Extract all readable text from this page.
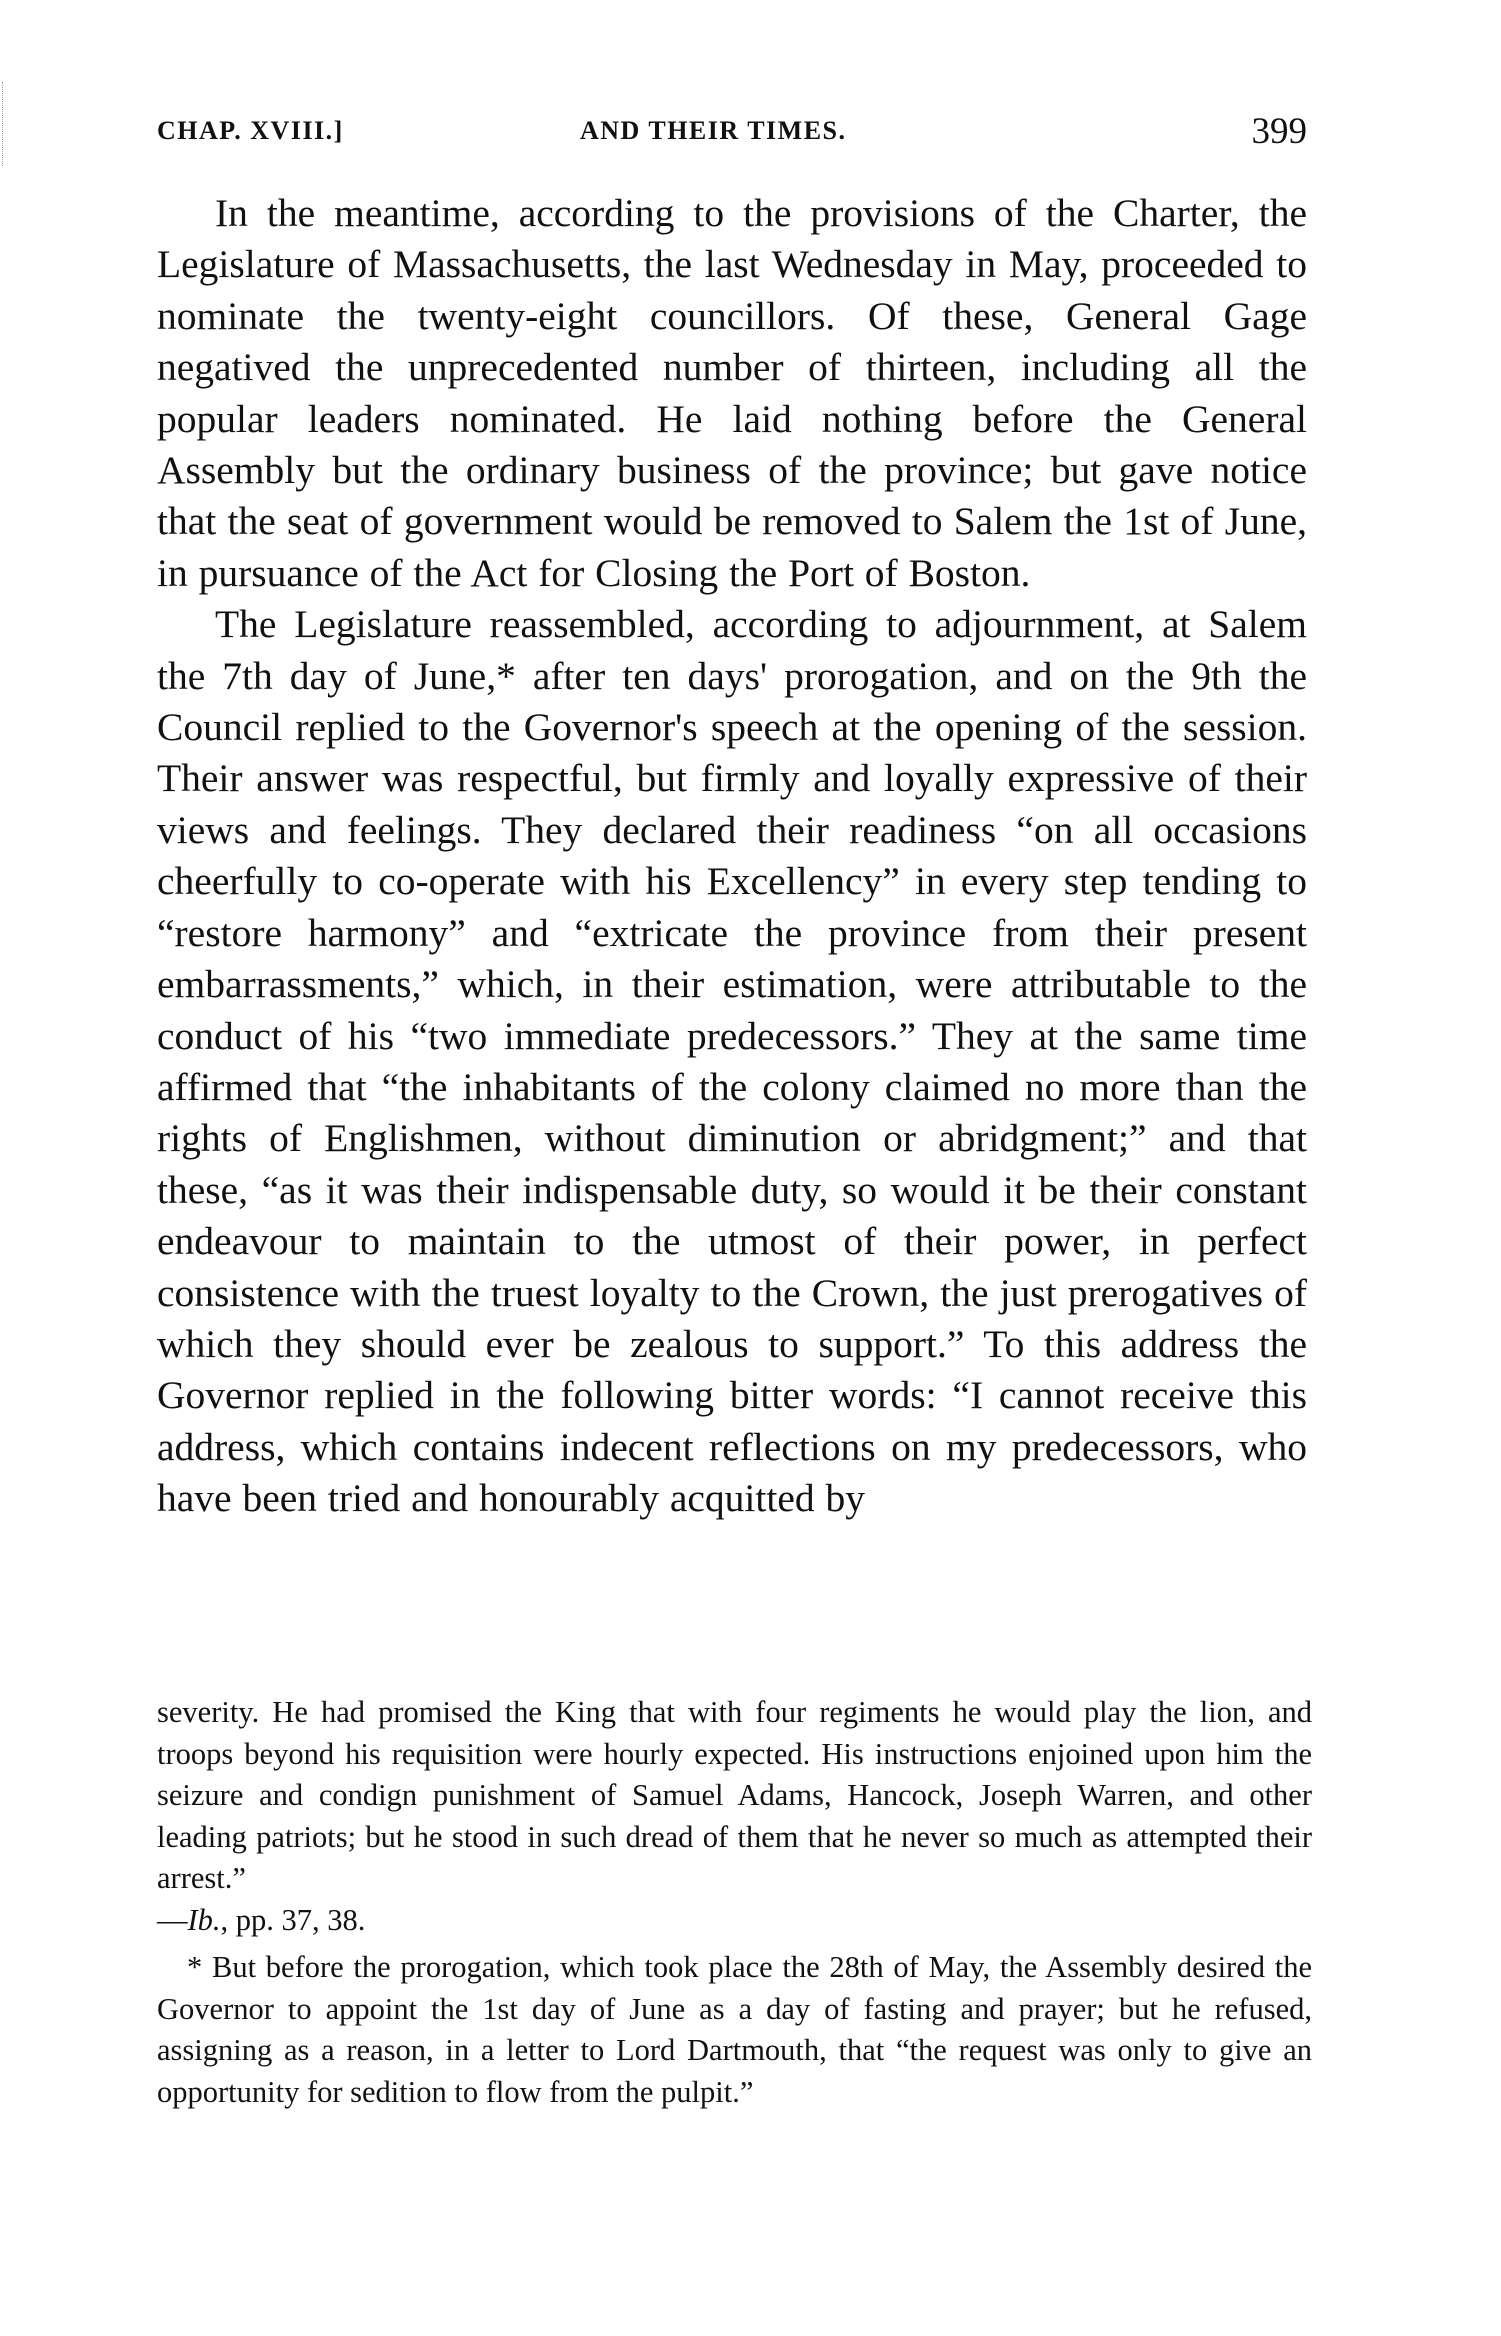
CHAP. XVIII.]	AND THEIR TIMES.	399

In the meantime, according to the provisions of the Charter, the Legislature of Massachusetts, the last Wednesday in May, proceeded to nominate the twenty-eight councillors. Of these, General Gage negatived the unprecedented number of thirteen, including all the popular leaders nominated. He laid nothing before the General Assembly but the ordinary business of the province; but gave notice that the seat of government would be removed to Salem the 1st of June, in pursuance of the Act for Closing the Port of Boston.

The Legislature reassembled, according to adjournment, at Salem the 7th day of June,* after ten days' prorogation, and on the 9th the Council replied to the Governor's speech at the opening of the session. Their answer was respectful, but firmly and loyally expressive of their views and feelings. They declared their readiness “on all occasions cheerfully to co-operate with his Excellency” in every step tending to “restore harmony” and “extricate the province from their present embarrassments,” which, in their estimation, were attributable to the conduct of his “two immediate predecessors.” They at the same time affirmed that “the inhabitants of the colony claimed no more than the rights of Englishmen, without diminution or abridgment;” and that these, “as it was their indispensable duty, so would it be their constant endeavour to maintain to the utmost of their power, in perfect consistence with the truest loyalty to the Crown, the just prerogatives of which they should ever be zealous to support.” To this address the Governor replied in the following bitter words: “I cannot receive this address, which contains indecent reflections on my predecessors, who have been tried and honourably acquitted by

severity. He had promised the King that with four regiments he would play the lion, and troops beyond his requisition were hourly expected. His instructions enjoined upon him the seizure and condign punishment of Samuel Adams, Hancock, Joseph Warren, and other leading patriots; but he stood in such dread of them that he never so much as attempted their arrest.”
—Ib., pp. 37, 38.

* But before the prorogation, which took place the 28th of May, the Assembly desired the Governor to appoint the 1st day of June as a day of fasting and prayer; but he refused, assigning as a reason, in a letter to Lord Dartmouth, that “the request was only to give an opportunity for sedition to flow from the pulpit.”
